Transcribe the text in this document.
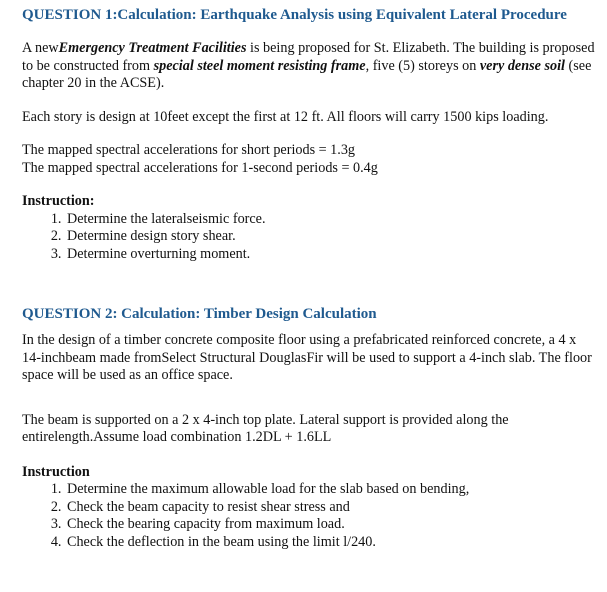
QUESTION 1:Calculation: Earthquake Analysis using Equivalent Lateral Procedure

A newEmergency Treatment Facilities is being proposed for St. Elizabeth. The building is proposed to be constructed from special steel moment resisting frame, five (5) storeys on very dense soil (see chapter 20 in the ACSE).

Each story is design at 10feet except the first at 12 ft. All floors will carry 1500 kips loading.

The mapped spectral accelerations for short periods = 1.3g

The mapped spectral accelerations for 1-second periods = 0.4g

Instruction:

1. Determine the lateralseismic force.
2. Determine design story shear.
3. Determine overturning moment.

QUESTION 2: Calculation: Timber Design Calculation

In the design of a timber concrete composite floor using a prefabricated reinforced concrete, a 4 x 14-inchbeam made fromSelect Structural DouglasFir will be used to support a 4-inch slab. The floor space will be used as an office space.

The beam is supported on a 2 x 4-inch top plate. Lateral support is provided along the entirelength.Assume load combination 1.2DL + 1.6LL

Instruction

1. Determine the maximum allowable load for the slab based on bending,
2. Check the beam capacity to resist shear stress and
3. Check the bearing capacity from maximum load.
4. Check the deflection in the beam using the limit l/240.
